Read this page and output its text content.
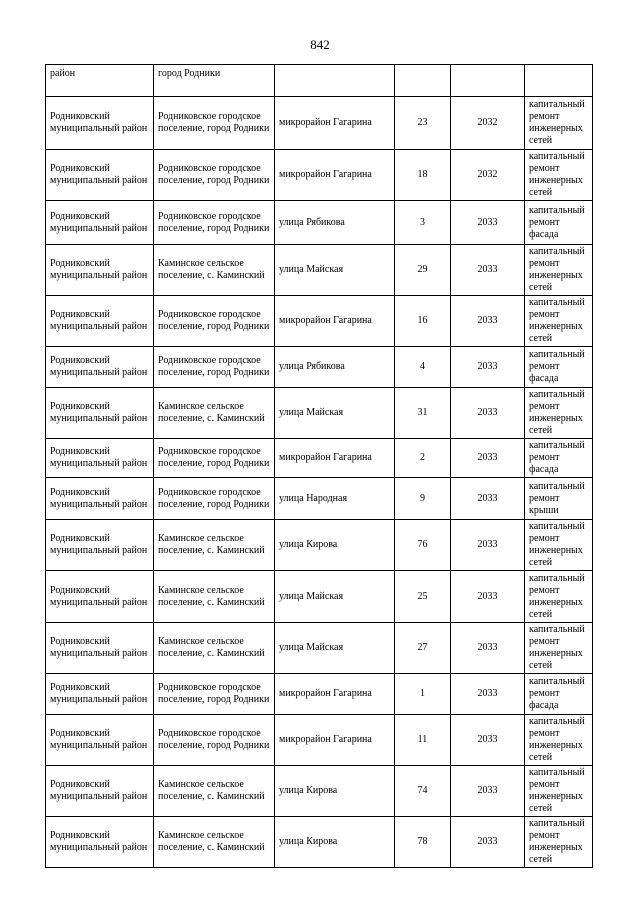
842
район	город Родники				
Родниковский муниципальный район	Родниковское городское поселение, город Родники	микрорайон Гагарина	23	2032	капитальный ремонт инженерных сетей
Родниковский муниципальный район	Родниковское городское поселение, город Родники	микрорайон Гагарина	18	2032	капитальный ремонт инженерных сетей
Родниковский муниципальный район	Родниковское городское поселение, город Родники	улица Рябикова	3	2033	капитальный ремонт фасада
Родниковский муниципальный район	Каминское сельское поселение, с. Каминский	улица Майская	29	2033	капитальный ремонт инженерных сетей
Родниковский муниципальный район	Родниковское городское поселение, город Родники	микрорайон Гагарина	16	2033	капитальный ремонт инженерных сетей
Родниковский муниципальный район	Родниковское городское поселение, город Родники	улица Рябикова	4	2033	капитальный ремонт фасада
Родниковский муниципальный район	Каминское сельское поселение, с. Каминский	улица Майская	31	2033	капитальный ремонт инженерных сетей
Родниковский муниципальный район	Родниковское городское поселение, город Родники	микрорайон Гагарина	2	2033	капитальный ремонт фасада
Родниковский муниципальный район	Родниковское городское поселение, город Родники	улица Народная	9	2033	капитальный ремонт крыши
Родниковский муниципальный район	Каминское сельское поселение, с. Каминский	улица Кирова	76	2033	капитальный ремонт инженерных сетей
Родниковский муниципальный район	Каминское сельское поселение, с. Каминский	улица Майская	25	2033	капитальный ремонт инженерных сетей
Родниковский муниципальный район	Каминское сельское поселение, с. Каминский	улица Майская	27	2033	капитальный ремонт инженерных сетей
Родниковский муниципальный район	Родниковское городское поселение, город Родники	микрорайон Гагарина	1	2033	капитальный ремонт фасада
Родниковский муниципальный район	Родниковское городское поселение, город Родники	микрорайон Гагарина	11	2033	капитальный ремонт инженерных сетей
Родниковский муниципальный район	Каминское сельское поселение, с. Каминский	улица Кирова	74	2033	капитальный ремонт инженерных сетей
Родниковский муниципальный район	Каминское сельское поселение, с. Каминский	улица Кирова	78	2033	капитальный ремонт инженерных сетей
